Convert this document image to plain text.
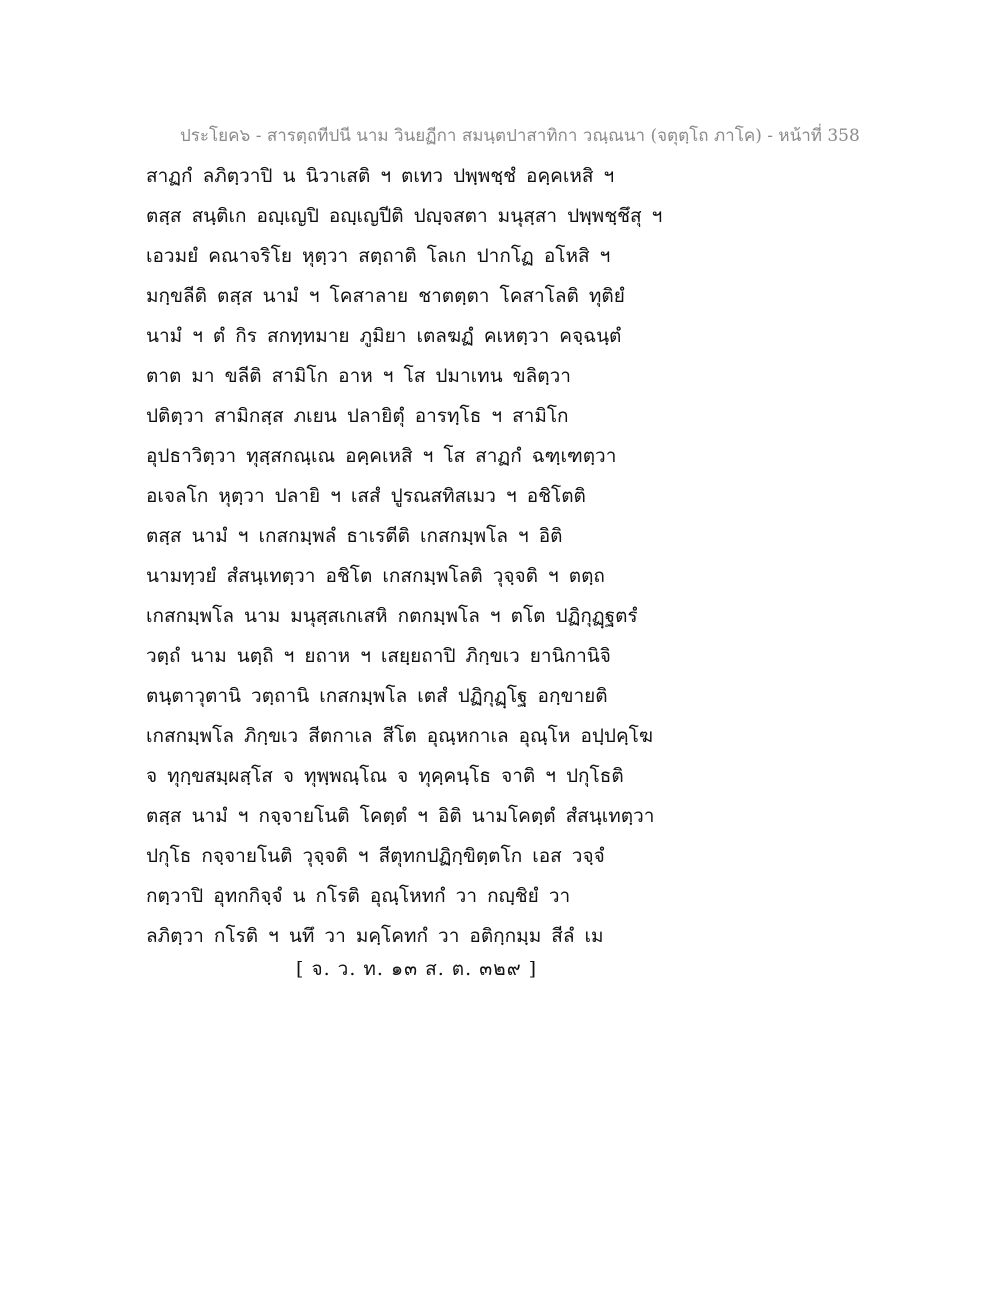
ประโยค๖ - สารตฺถทีปนี นาม วินยฏีกา สมนฺตปาสาทิกา วณฺณนา (จตุตฺโถ ภาโค) - หน้าที่ 358
สาฏกํ ลภิตฺวาปิ น นิวาเสติ ฯ ตเทว ปพฺพชฺชํ อคฺคเหสิ ฯ
ตสฺส สนฺติเก อญฺเญปิ อญฺเญปีติ ปญฺจสตา มนุสฺสา ปพฺพชฺชึสุ ฯ
เอวมยํ คณาจริโย หุตฺวา สตฺถาติ โลเก ปากโฏ อโหสิ ฯ
มกฺขลีติ ตสฺส นามํ ฯ โคสาลาย ชาตตฺตา โคสาโลติ ทุติยํ
นามํ ฯ ตํ กิร สกทฺทมาย ภูมิยา เตลฆฏํ คเหตฺวา คจฺฉนฺตํ
ตาต มา ขลีติ สามิโก อาห ฯ โส ปมาเทน ขลิตฺวา
ปติตฺวา สามิกสฺส ภเยน ปลายิตุํ อารทฺโธ ฯ สามิโก
อุปธาวิตฺวา ทุสฺสกณฺเณ อคฺคเหสิ ฯ โส สาฏกํ ฉฑฺเฑตฺวา
อเจลโก หุตฺวา ปลายิ ฯ เสสํ ปูรณสทิสเมว ฯ อชิโตติ
ตสฺส นามํ ฯ เกสกมฺพลํ ธาเรตีติ เกสกมฺพโล ฯ อิติ
นามทฺวยํ สํสนฺเทตฺวา อชิโต เกสกมฺพโลติ วุจฺจติ ฯ ตตฺถ
เกสกมฺพโล นาม มนุสฺสเกเสหิ กตกมฺพโล ฯ ตโต ปฏิกุฏฺฐตรํ
วตฺถํ นาม นตฺถิ ฯ ยถาห ฯ เสยฺยถาปิ ภิกฺขเว ยานิกานิจิ
ตนฺตาวุตานิ วตฺถานิ เกสกมฺพโล เตสํ ปฏิกุฏฺโฐ อกฺขายติ
เกสกมฺพโล ภิกฺขเว สีตกาเล สีโต อุณฺหกาเล อุณฺโห อปฺปคฺโฆ
จ ทุกฺขสมฺผสฺโส จ ทุพฺพณฺโณ จ ทุคฺคนฺโธ จาติ ฯ ปกุโธติ
ตสฺส นามํ ฯ กจฺจายโนติ โคตฺตํ ฯ อิติ นามโคตฺตํ สํสนฺเทตฺวา
ปกุโธ กจฺจายโนติ วุจฺจติ ฯ สีตุทกปฏิกฺขิตฺตโก เอส วจฺจํ
กตฺวาปิ อุทกกิจฺจํ น กโรติ อุณฺโหทกํ วา กญฺชิยํ วา
ลภิตฺวา กโรติ ฯ นทึ วา มคฺโคทกํ วา อติกฺกมฺม สีลํ เม
[ จ. ว. ท. ๑๓ ส. ต. ๓๒๙ ]
